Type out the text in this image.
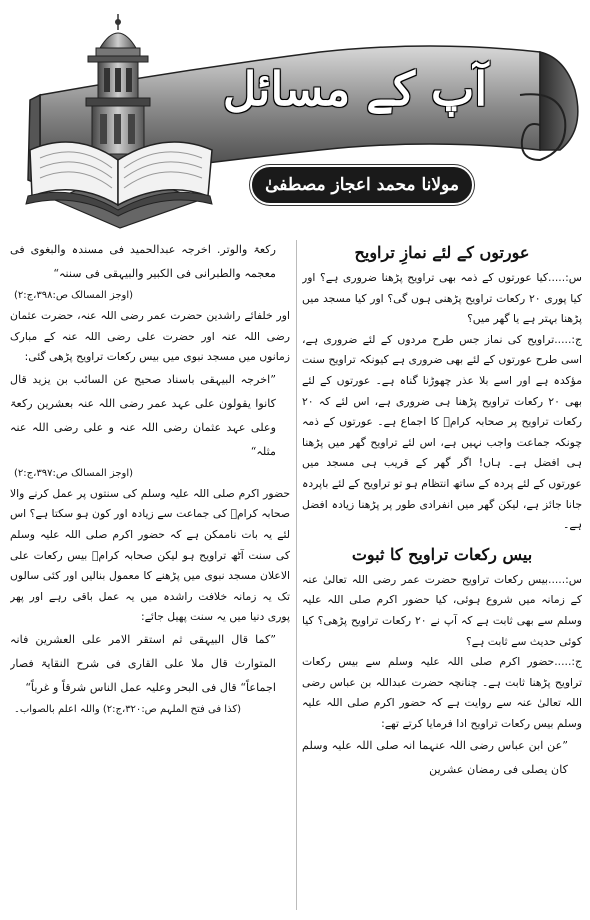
آپ کے مسائل
مولانا محمد اعجاز مصطفیٰ
عورتوں کے لئے نمازِ تراویح

س:.....کیا عورتوں کے ذمہ بھی تراویح پڑھنا ضروری ہے؟ اور کیا پوری ۲۰ رکعات تراویح پڑھنی ہوں گی؟ اور کیا مسجد میں پڑھنا بہتر ہے یا گھر میں؟

ج:.....تراویح کی نماز جس طرح مردوں کے لئے ضروری ہے، اسی طرح عورتوں کے لئے بھی ضروری ہے کیونکہ تراویح سنت مؤکدہ ہے اور اسے بلا عذر چھوڑنا گناہ ہے۔ عورتوں کے لئے بھی ۲۰ رکعات تراویح پڑھنا ہی ضروری ہے، اس لئے کہ ۲۰ رکعات تراویح پر صحابہ کرامؓ کا اجماع ہے۔ عورتوں کے ذمہ چونکہ جماعت واجب نہیں ہے، اس لئے تراویح گھر میں پڑھنا ہی افضل ہے۔ ہاں! اگر گھر کے قریب ہی مسجد میں عورتوں کے لئے پردہ کے ساتھ انتظام ہو تو تراویح کے لئے باپردہ جانا جائز ہے، لیکن گھر میں انفرادی طور پر پڑھنا زیادہ افضل ہے۔

بیس رکعات تراویح کا ثبوت

س:.....بیس رکعات تراویح حضرت عمر رضی اللہ تعالیٰ عنہ کے زمانہ میں شروع ہوئی، کیا حضور اکرم صلی اللہ علیہ وسلم سے بھی ثابت ہے کہ آپ نے ۲۰ رکعات تراویح پڑھی؟ کیا کوئی حدیث سے ثابت ہے؟

ج:.....حضور اکرم صلی اللہ علیہ وسلم سے بیس رکعات تراویح پڑھنا ثابت ہے۔ چنانچہ حضرت عبداللہ بن عباس رضی اللہ تعالیٰ عنہ سے روایت ہے کہ حضور اکرم صلی اللہ علیہ وسلم بیس رکعات تراویح ادا فرمایا کرتے تھے:

”عن ابن عباس رضی اللہ عنہما انہ صلی اللہ علیہ وسلم کان یصلی فی رمضان عشرین

رکعۃ والوتر. اخرجہ عبدالحمید فی مسندہ والبغوی فی معجمہ والطبرانی فی الکبیر والبیہقی فی سننہ“

(اوجز المسالک ص:۳۹۸،ج:۲)

اور خلفائے راشدین حضرت عمر رضی اللہ عنہ، حضرت عثمان رضی اللہ عنہ اور حضرت علی رضی اللہ عنہ کے مبارک زمانوں میں مسجد نبوی میں بیس رکعات تراویح پڑھی گئی:

”اخرجہ البیہقی باسناد صحیح عن السائب بن یزید قال کانوا یقولون علی عہد عمر رضی اللہ عنہ بعشرین رکعۃ وعلی عہد عثمان رضی اللہ عنہ و علی رضی اللہ عنہ مثلہ“

(اوجز المسالک ص:۳۹۷،ج:۲)

حضور اکرم صلی اللہ علیہ وسلم کی سنتوں پر عمل کرنے والا صحابہ کرامؓ کی جماعت سے زیادہ اور کون ہو سکتا ہے؟ اس لئے یہ بات ناممکن ہے کہ حضور اکرم صلی اللہ علیہ وسلم کی سنت آٹھ تراویح ہو لیکن صحابہ کرامؓ بیس رکعات علی الاعلان مسجد نبوی میں پڑھنے کا معمول بنالیں اور کئی سالوں تک یہ زمانہ خلافت راشدہ میں یہ عمل باقی رہے اور پھر پوری دنیا میں یہ سنت پھیل جائے:

”کما قال البیہقی ثم استقر الامر علی العشرین فانہ المتوارث قال ملا علی القاری فی شرح النقایۃ فصار اجماعاً“ قال فی البحر وعلیہ عمل الناس شرقاً و غرباً“

(کذا فی فتح الملہم ص:۳۲۰،ج:۲) واللہ اعلم بالصواب۔
